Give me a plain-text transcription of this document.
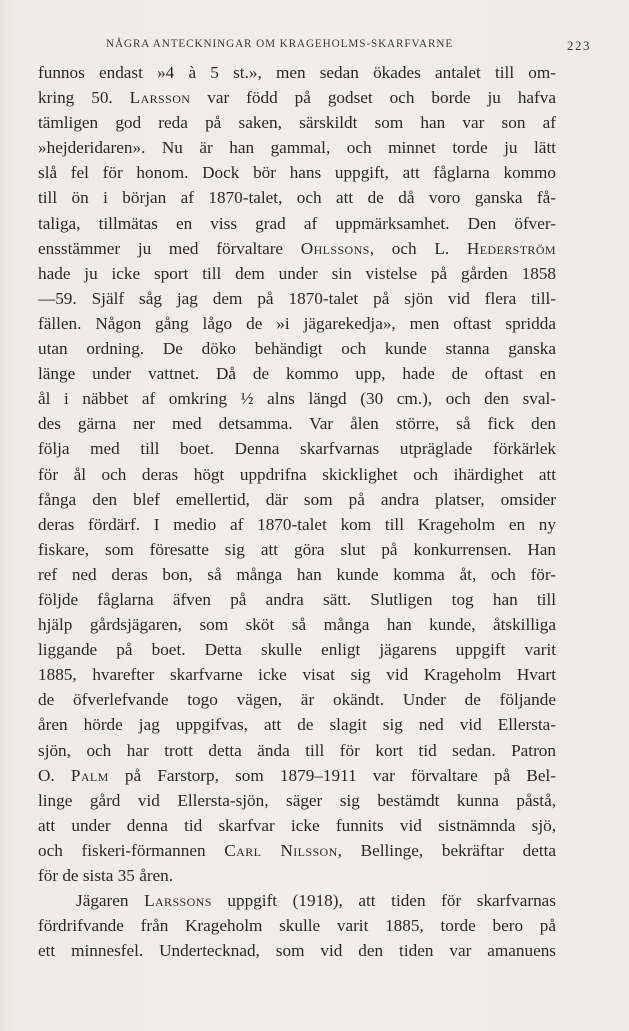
NÅGRA ANTECKNINGAR OM KRAGEHOLMS-SKARFVARNE	223
funnos endast »4 à 5 st.», men sedan ökades antalet till om-
kring 50. Larsson var född på godset och borde ju hafva
tämligen god reda på saken, särskildt som han var son af
»hejderidaren». Nu är han gammal, och minnet torde ju lätt
slå fel för honom. Dock bör hans uppgift, att fåglarna kommo
till ön i början af 1870-talet, och att de då voro ganska få-
taliga, tillmätas en viss grad af uppmärksamhet. Den öfver-
ensstämmer ju med förvaltare Ohlssons, och L. Hederström
hade ju icke sport till dem under sin vistelse på gården 1858
—59. Själf såg jag dem på 1870-talet på sjön vid flera till-
fällen. Någon gång lågo de »i jägarekedja», men oftast spridda
utan ordning. De döko behändigt och kunde stanna ganska
länge under vattnet. Då de kommo upp, hade de oftast en
ål i näbbet af omkring ½ alns längd (30 cm.), och den sval-
des gärna ner med detsamma. Var ålen större, så fick den
följa med till boet. Denna skarfvarnas utpräglade förkärlek
för ål och deras högt uppdrifna skicklighet och ihärdighet att
fånga den blef emellertid, där som på andra platser, omsider
deras fördärf. I medio af 1870-talet kom till Krageholm en ny
fiskare, som föresatte sig att göra slut på konkurrensen. Han
ref ned deras bon, så många han kunde komma åt, och för-
följde fåglarna äfven på andra sätt. Slutligen tog han till
hjälp gårdsjägaren, som sköt så många han kunde, åtskilliga
liggande på boet. Detta skulle enligt jägarens uppgift varit
1885, hvarefter skarfvarne icke visat sig vid Krageholm Hvart
de öfverlefvande togo vägen, är okändt. Under de följande
åren hörde jag uppgifvas, att de slagit sig ned vid Ellersta-
sjön, och har trott detta ända till för kort tid sedan. Patron
O. Palm på Farstorp, som 1879–1911 var förvaltare på Bel-
linge gård vid Ellersta-sjön, säger sig bestämdt kunna påstå,
att under denna tid skarfvar icke funnits vid sistnämnda sjö,
och fiskeri-förmannen Carl Nilsson, Bellinge, bekräftar detta
för de sista 35 åren.
Jägaren Larssons uppgift (1918), att tiden för skarfvarnas
fördrifvande från Krageholm skulle varit 1885, torde bero på
ett minnesfel. Undertecknad, som vid den tiden var amanuens
